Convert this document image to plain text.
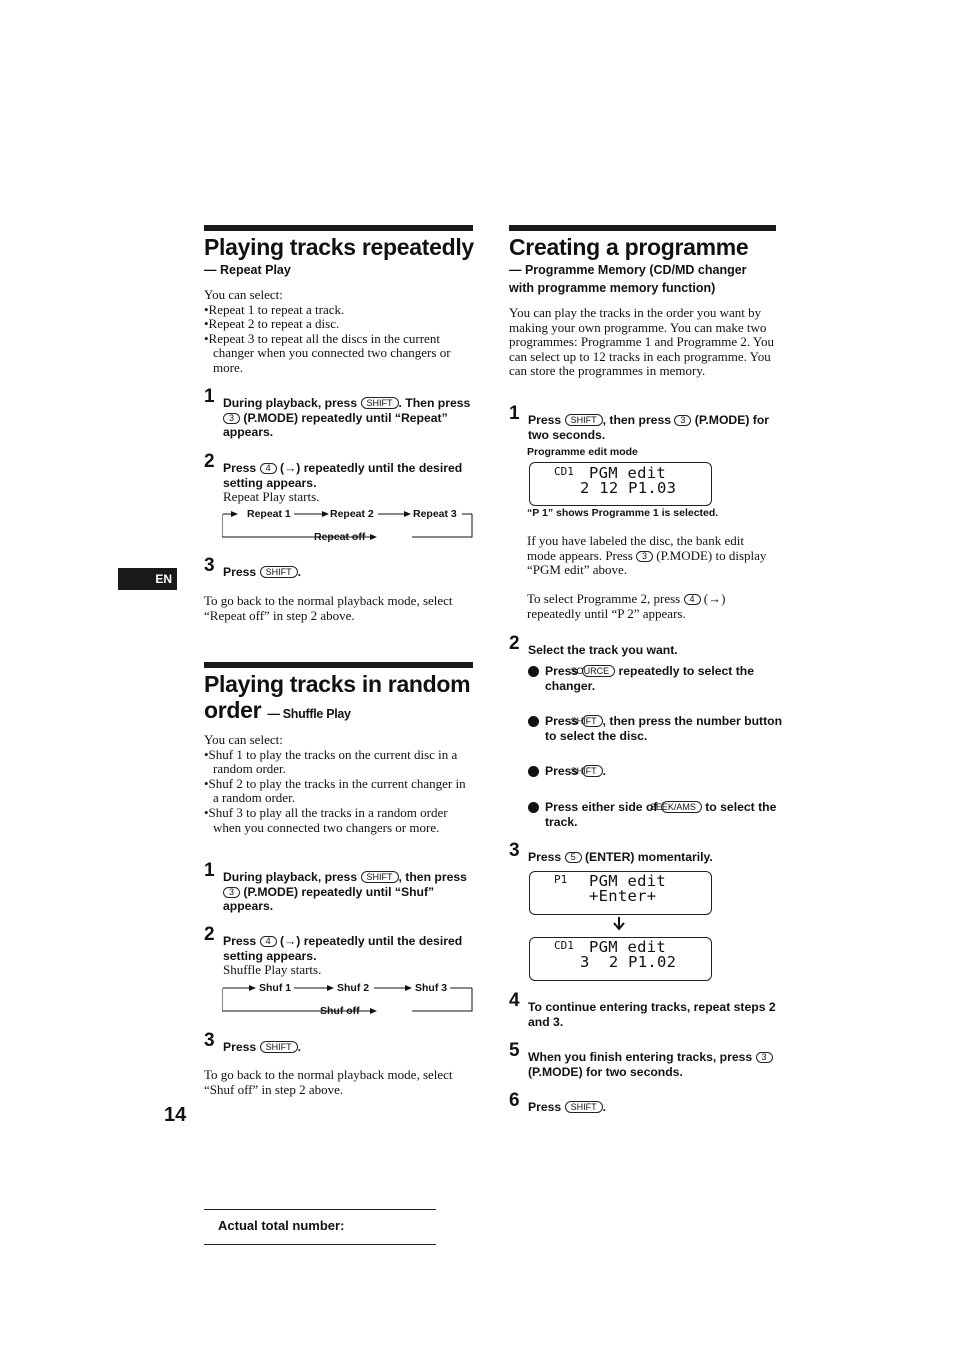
Playing tracks repeatedly
— Repeat Play

You can select:

•Repeat 1 to repeat a track.

•Repeat 2 to repeat a disc.

•Repeat 3 to repeat all the discs in the current changer when you connected two changers or more.

1 During playback, press SHIFT . Then press 3 (P.MODE) repeatedly until “Repeat” appears.
2 Press 4 (→) repeatedly until the desired setting appears.
Repeat Play starts.
Repeat 1	Repeat 2	Repeat 3
Repeat off
3 Press SHIFT .
To go back to the normal playback mode, select “Repeat off” in step 2 above.
EN
Playing tracks in random
order — Shuffle Play

You can select:

•Shuf 1 to play the tracks on the current disc in a random order.

•Shuf 2 to play the tracks in the current changer in a random order.

•Shuf 3 to play all the tracks in a random order when you connected two changers or more.

1 During playback, press SHIFT , then press 3 (P.MODE) repeatedly until “Shuf” appears.
2 Press 4 (→) repeatedly until the desired setting appears.
Shuffle Play starts.
Shuf 1	Shuf 2	Shuf 3
Shuf off
3 Press SHIFT .
To go back to the normal playback mode, select “Shuf off” in step 2 above.
14
Actual total number:
Creating a programme
— Programme Memory (CD/MD changer
with programme memory function)
You can play the tracks in the order you want by making your own programme. You can make two programmes: Programme 1 and Programme 2. You can select up to 12 tracks in each programme. You can store the programmes in memory.
1 Press SHIFT , then press 3 (P.MODE) for two seconds.
Programme edit mode
CD1 PGM edit
2 12 P1.03
“P 1” shows Programme 1 is selected.
If you have labeled the disc, the bank edit mode appears. Press 3 (P.MODE) to display “PGM edit” above.
To select Programme 2, press 4 (→) repeatedly until “P 2” appears.
2 Select the track you want.
1 Press SOURCE repeatedly to select the changer.
2 Press SHIFT , then press the number button to select the disc.
3 Press SHIFT .
4 Press either side of SEEK/AMS to select the track.
3 Press 5 (ENTER) momentarily.
P1 PGM edit
+Enter+
CD1 PGM edit
3  2 P1.02
4 To continue entering tracks, repeat steps 2 and 3.
5 When you finish entering tracks, press 3 (P.MODE) for two seconds.
6 Press SHIFT .
